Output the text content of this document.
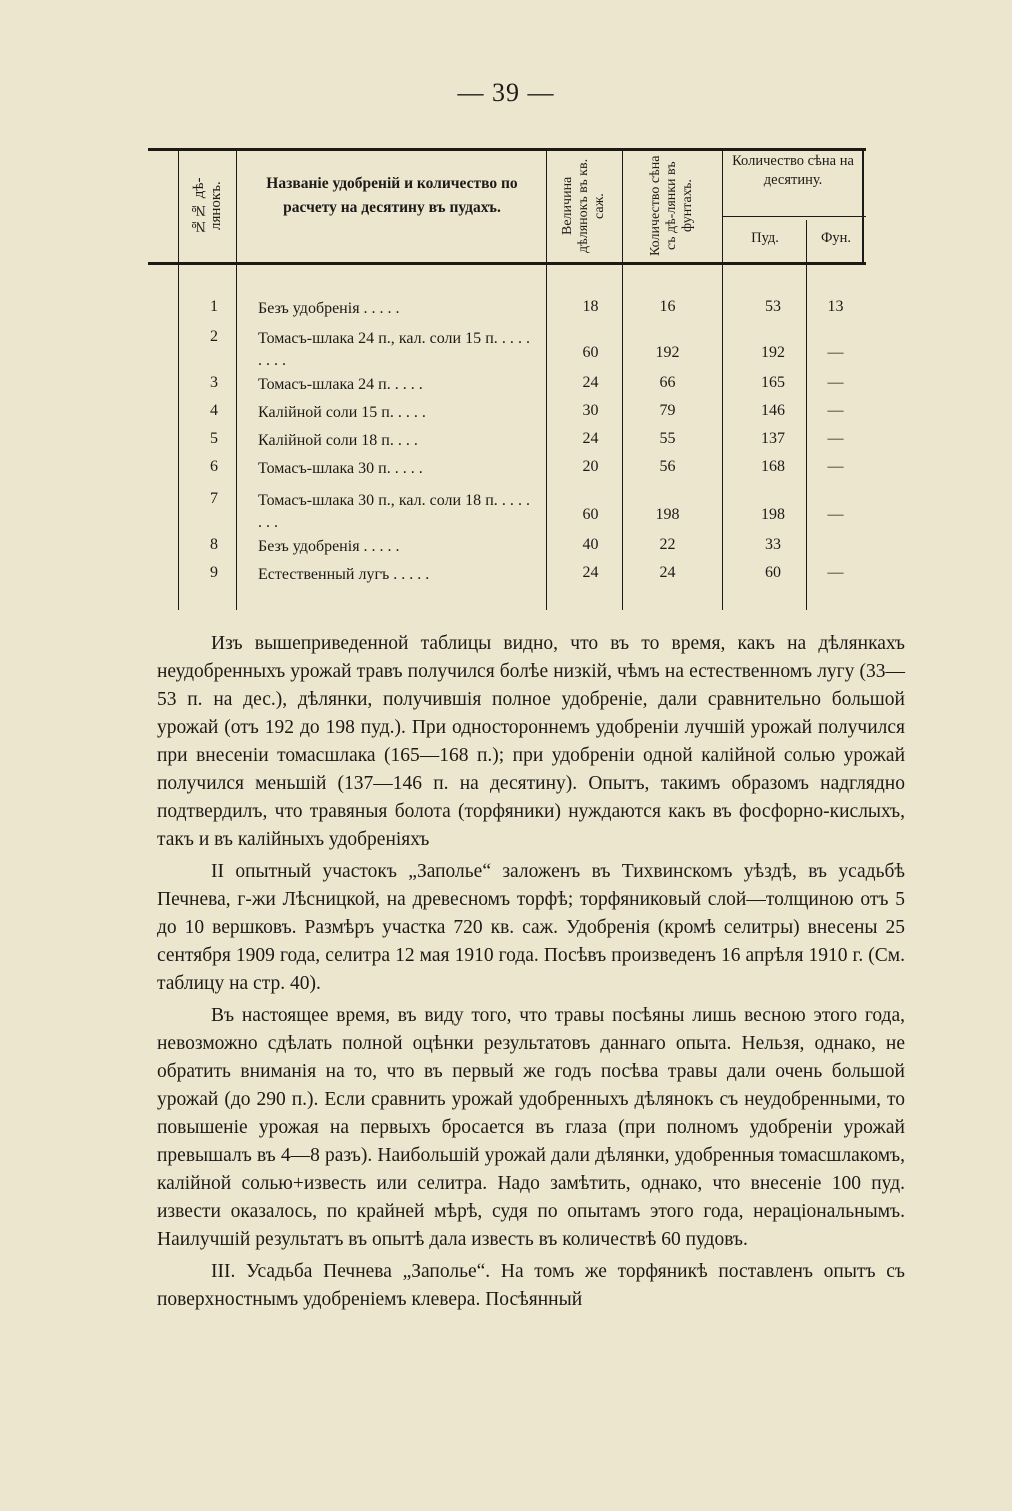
— 39 —
№№ дѣ-лянокъ.	Названіе удобреній и количество по расчету на десятину въ пудахъ.	Величина дѣлянокъ въ кв. саж.	Количество сѣна съ дѣ-лянки въ фунтахъ.
Количество сѣна на десятину.
Пуд.	Фун.
1	Безъ удобренія . . . . .	18	16	53	13
2	Томасъ-шлака 24 п., кал. соли 15 п. . . . . . . . .	60	192	192	—
3	Томасъ-шлака 24 п. . . . .	24	66	165	—
4	Калійной соли 15 п. . . . .	30	79	146	—
5	Калійной соли 18 п. . . .	24	55	137	—
6	Томасъ-шлака 30 п. . . . .	20	56	168	—
7	Томасъ-шлака 30 п., кал. соли 18 п. . . . . . . .	60	198	198	—
8	Безъ удобренія . . . . .	40	22	33
9	Естественный лугъ . . . . .	24	24	60	—

Изъ вышеприведенной таблицы видно, что въ то время, какъ на дѣлянкахъ неудобренныхъ урожай травъ получился болѣе низкій, чѣмъ на естественномъ лугу (33—53 п. на дес.), дѣлянки, получившія полное удобреніе, дали сравнительно большой урожай (отъ 192 до 198 пуд.). При одностороннемъ удобреніи лучшій урожай получился при внесеніи томасшлака (165—168 п.); при удобреніи одной калійной солью урожай получился меньшій (137—146 п. на десятину). Опытъ, такимъ образомъ надглядно подтвердилъ, что травяныя болота (торфяники) нуждаются какъ въ фосфорно-кислыхъ, такъ и въ калійныхъ удобреніяхъ

II опытный участокъ „Заполье“ заложенъ въ Тихвинскомъ уѣздѣ, въ усадьбѣ Печнева, г-жи Лѣсницкой, на древесномъ торфѣ; торфяниковый слой—толщиною отъ 5 до 10 вершковъ. Размѣръ участка 720 кв. саж. Удобренія (кромѣ селитры) внесены 25 сентября 1909 года, селитра 12 мая 1910 года. Посѣвъ произведенъ 16 апрѣля 1910 г. (См. таблицу на стр. 40).

Въ настоящее время, въ виду того, что травы посѣяны лишь весною этого года, невозможно сдѣлать полной оцѣнки результатовъ даннаго опыта. Нельзя, однако, не обратить вниманія на то, что въ первый же годъ посѣва травы дали очень большой урожай (до 290 п.). Если сравнить урожай удобренныхъ дѣлянокъ съ неудобренными, то повышеніе урожая на первыхъ бросается въ глаза (при полномъ удобреніи урожай превышалъ въ 4—8 разъ). Наибольшій урожай дали дѣлянки, удобренныя томасшлакомъ, калійной солью+известь или селитра. Надо замѣтить, однако, что внесеніе 100 пуд. извести оказалось, по крайней мѣрѣ, судя по опытамъ этого года, нераціональнымъ. Наилучшій результатъ въ опытѣ дала известь въ количествѣ 60 пудовъ.

III. Усадьба Печнева „Заполье“. На томъ же торфяникѣ поставленъ опытъ съ поверхностнымъ удобреніемъ клевера. Посѣянный
